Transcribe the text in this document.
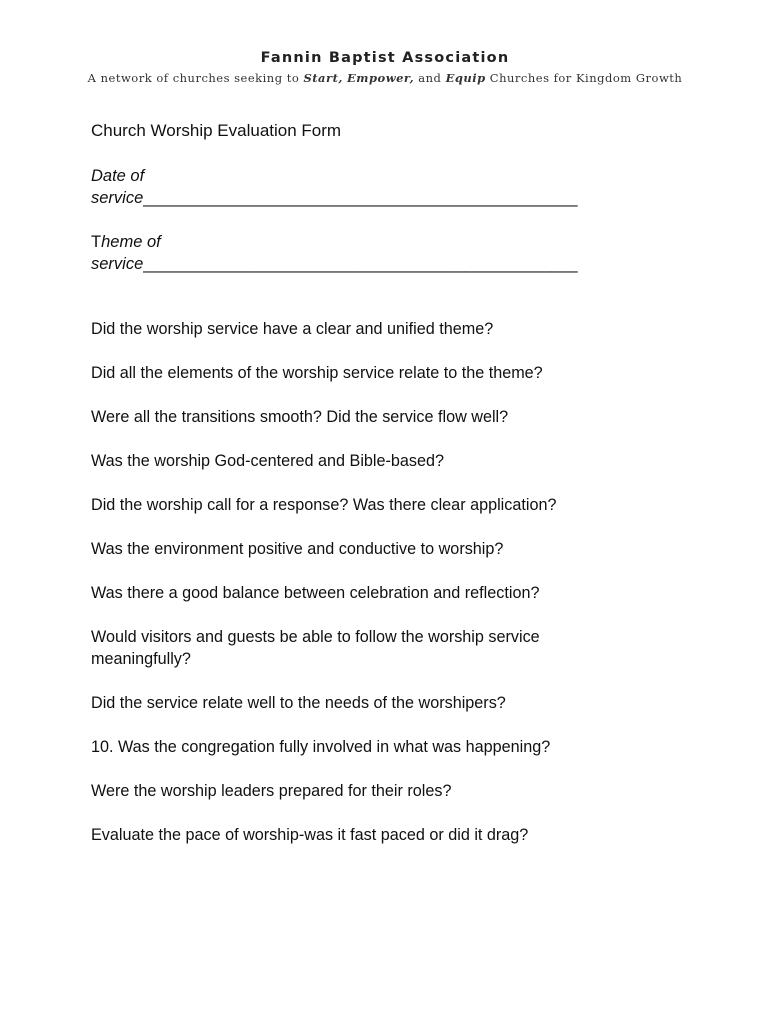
Fannin Baptist Association
A network of churches seeking to Start, Empower, and Equip Churches for Kingdom Growth
Church Worship Evaluation Form
Date of
service__________________________________________________
Theme of
service__________________________________________________
Did the worship service have a clear and unified theme?
Did all the elements of the worship service relate to the theme?
Were all the transitions smooth? Did the service flow well?
Was the worship God-centered and Bible-based?
Did the worship call for a response? Was there clear application?
Was the environment positive and conductive to worship?
Was there a good balance between celebration and reflection?
Would visitors and guests be able to follow the worship service meaningfully?
Did the service relate well to the needs of the worshipers?
10. Was the congregation fully involved in what was happening?
Were the worship leaders prepared for their roles?
Evaluate the pace of worship-was it fast paced or did it drag?
